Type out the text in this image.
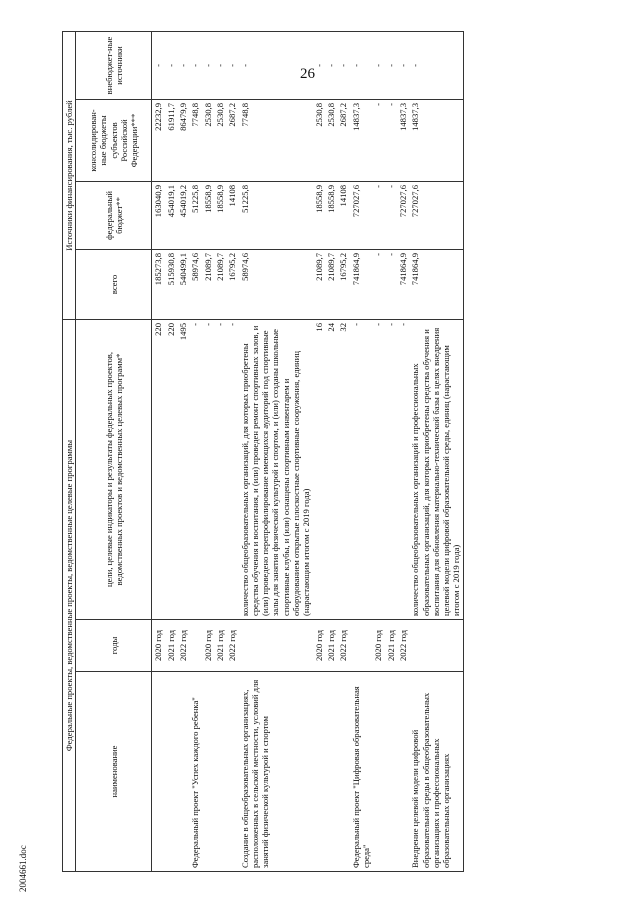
26
Федеральные проекты, ведомственные проекты, ведомственные целевые программы			Источники финансирования, тыс. рублей			
наименование	годы	цели, целевые индикаторы и результаты федеральных проектов, ведомственных проектов и ведомственных целевых программ*	всего	федеральный бюджет**	консолидирован-ные бюджеты субъектов Российской Федерации***	внебюджет-ные источники
	2020 год	220	185273,8	163040,9	22232,9	-
	2021 год	220	515930,8	454019,1	61911,7	-
	2022 год	1495	540499,1	454019,2	86479,9	-
Федеральный проект "Успех каждого ребенка"		-	58974,6	51225,8	7748,8	-
	2020 год	-	21089,7	18558,9	2530,8	-
	2021 год	-	21089,7	18558,9	2530,8	-
	2022 год	-	16795,2	14108	2687,2	-
Создание в общеобразовательных организациях, расположенных в сельской местности, условий для занятий физической культурой и спортом		количество общеобразовательных организаций, для которых приобретены средства обучения и воспитания, и (или) проведен ремонт спортивных залов, и (или) проведено перепрофилирование имеющихся аудиторий под спортивные залы для занятия физической культурой и спортом, и (или) созданы школьные спортивные клубы, и (или) оснащены спортивным инвентарем и оборудованием открытые плоскостные спортивные сооружения, единиц (нарастающим итогом с 2019 года)	58974,6	51225,8	7748,8	-
	2020 год	16	21089,7	18558,9	2530,8	-
	2021 год	24	21089,7	18558,9	2530,8	-
	2022 год	32	16795,2	14108	2687,2	-
Федеральный проект "Цифровая образовательная среда"		-	741864,9	727027,6	14837,3	-
	2020 год	-	-	-	-	-
	2021 год	-	-	-	-	-
	2022 год	-	741864,9	727027,6	14837,3	-
Внедрение целевой модели цифровой образовательной среды в общеобразовательных организациях и профессиональных образовательных организациях		количество общеобразовательных организаций и профессиональных образовательных организаций, для которых приобретены средства обучения и воспитания для обновления материально-технической базы в целях внедрения целевой модели цифровой образовательной среды, единиц (нарастающим итогом с 2019 года)	741864,9	727027,6	14837,3	-
2004661.doc
